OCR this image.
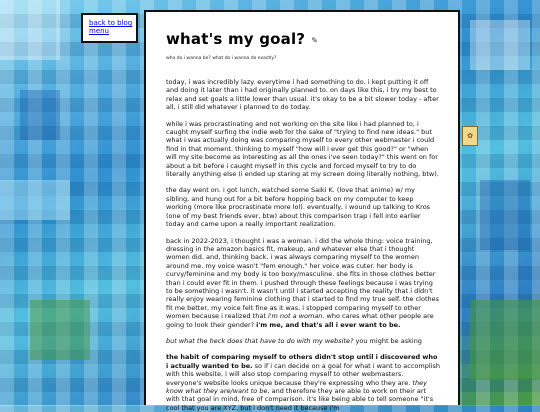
back to blog menu	what's my goal? ✎
who do i wanna be? what do i wanna do exactly?

today, i was incredibly lazy. everytime i had something to do, i kept putting it off and doing it later than i had originally planned to. on days like this, i try my best to relax and set goals a little lower than usual. it's okay to be a bit slower today - after all, i still did whatever i planned to do today.

while i was procrastinating and not working on the site like i had planned to, i caught myself surfing the indie web for the sake of "trying to find new ideas." but what i was actually doing was comparing myself to every other webmaster i could find in that moment. thinking to myself "how will i ever get this good?" or "when will my site become as interesting as all the ones i've seen today?" this went on for about a bit before i caught myself in this cycle and forced myself to try to do literally anything else (i ended up staring at my screen doing literally nothing, btw).

the day went on. i got lunch, watched some Saiki K. (love that anime) w/ my sibling, and hung out for a bit before hopping back on my computer to keep working (more like procrastinate more lol). eventually, i wound up talking to Kros (one of my best friends ever, btw) about this comparison trap i fell into earlier today and came upon a really important realization.

back in 2022-2023, i thought i was a woman. i did the whole thing: voice training, dressing in the amazon basics fit, makeup, and whatever else that i thought women did. and, thinking back, i was always comparing myself to the women around me. my voice wasn't "fem enough," her voice was cuter. her body is curvy/feminine and my body is too boxy/masculine. she fits in those clothes better than i could ever fit in them. i pushed through these feelings because i was trying to be something i wasn't. it wasn't until i started accepting the reality that i didn't really enjoy wearing feminine clothing that i started to find my true self. the clothes fit me better, my voice felt fine as it was, i stopped comparing myself to other women because i realized that i'm not a woman. who cares what other people are going to look their gender? i'm me, and that's all i ever want to be.

but what the heck does that have to do with my website? you might be asking

the habit of comparing myself to others didn't stop until i discovered who i actually wanted to be. so if i can decide on a goal for what i want to accomplish with this website, i will also stop comparing myself to other webmasters. everyone's website looks unique because they're expressing who they are. they know what they are/want to be, and therefore they are able to work on their art with that goal in mind, free of comparison. it's like being able to tell someone "it's cool that you are XYZ, but i don't need it because i'm

✿
